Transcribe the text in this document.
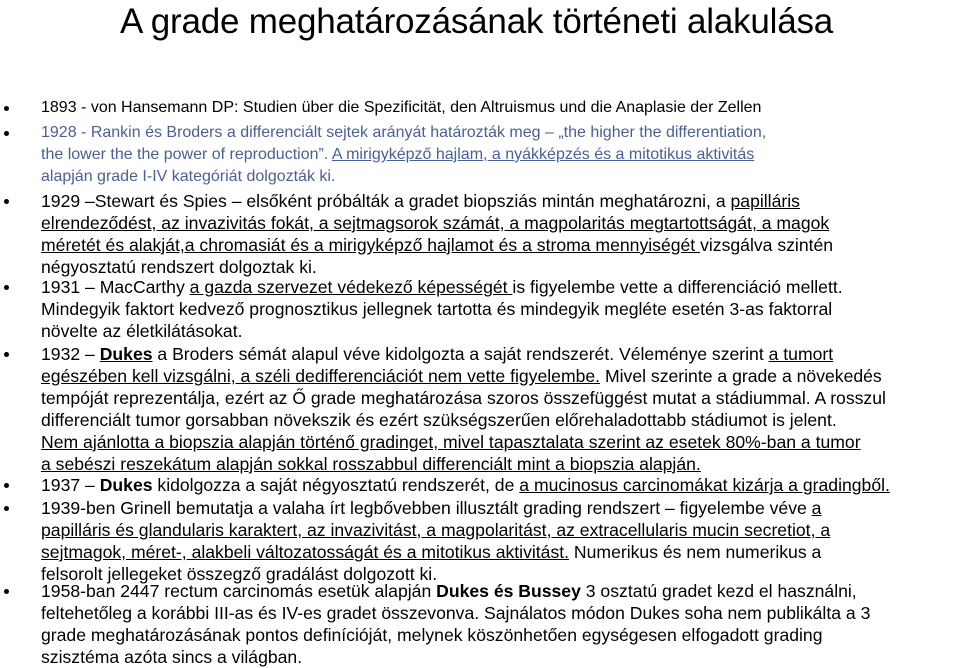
A grade meghatározásának történeti alakulása
1893 - von Hansemann DP: Studien über die Spezificität, den Altruismus und die Anaplasie der Zellen
1928 - Rankin és Broders a differenciált sejtek arányát határozták meg – „the higher the differentiation,
the lower the the power of reproduction”. A mirigyképző hajlam, a nyákképzés és a mitotikus aktivitás
alapján grade I-IV kategóriát dolgozták ki.
1929 –Stewart és Spies – elsőként próbálták a gradet biopsziás mintán meghatározni, a papilláris
elrendeződést, az invazivitás fokát, a sejtmagsorok számát, a magpolaritás megtartottságát, a magok
méretét és alakját,a chromasiát és a mirigyképző hajlamot és a stroma mennyiségét vizsgálva szintén
négyosztatú rendszert dolgoztak ki.
1931 – MacCarthy a gazda szervezet védekező képességét is figyelembe vette a differenciáció mellett.
Mindegyik faktort kedvező prognosztikus jellegnek tartotta és mindegyik megléte esetén 3-as faktorral
növelte az életkilátásokat.
1932 – Dukes a Broders sémát alapul véve kidolgozta a saját rendszerét. Véleménye szerint a tumort
egészében kell vizsgálni, a széli dedifferenciációt nem vette figyelembe. Mivel szerinte a grade a növekedés
tempóját reprezentálja, ezért az Ő grade meghatározása szoros összefüggést mutat a stádiummal. A rosszul
differenciált tumor gorsabban növekszik és ezért szükségszerűen előrehaladottabb stádiumot is jelent.
Nem ajánlotta a biopszia alapján történő gradinget, mivel tapasztalata szerint az esetek 80%-ban a tumor
a sebészi reszekátum alapján sokkal rosszabbul differenciált mint a biopszia alapján.
1937 – Dukes kidolgozza a saját négyosztatú rendszerét, de a mucinosus carcinomákat kizárja a gradingből.
1939-ben Grinell bemutatja a valaha írt legbővebben illusztált grading rendszert – figyelembe véve a
papilláris és glandularis karaktert, az invazivitást, a magpolaritást, az extracellularis mucin secretiot, a
sejtmagok, méret-, alakbeli változatosságát és a mitotikus aktivitást. Numerikus és nem numerikus a
felsorolt jellegeket összegző gradálást dolgozott ki.
1958-ban 2447 rectum carcinomás esetük alapján Dukes és Bussey 3 osztatú gradet kezd el használni,
feltehetőleg a korábbi III-as és IV-es gradet összevonva. Sajnálatos módon Dukes soha nem publikálta a 3
grade meghatározásának pontos definícióját, melynek köszönhetően egységesen elfogadott grading
szisztéma azóta sincs a világban.
